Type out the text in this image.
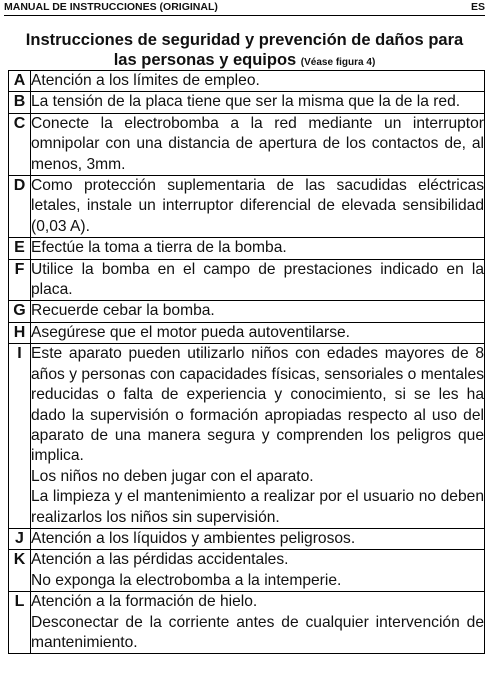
MANUAL DE INSTRUCCIONES (ORIGINAL)	ES
Instrucciones de seguridad y prevención de daños para
las personas y equipos (Véase figura 4)
A	Atención a los límites de empleo.

B	La tensión de la placa tiene que ser la misma que la de la red.

C	Conecte la electrobomba a la red mediante un interruptor omnipolar con una distancia de apertura de los contactos de, al menos, 3mm.

D	Como protección suplementaria de las sacudidas eléctricas letales, instale un interruptor diferencial de elevada sensibilidad (0,03 A).

E	Efectúe la toma a tierra de la bomba.

F	Utilice la bomba en el campo de prestaciones indicado en la placa.

G	Recuerde cebar la bomba.

H	Asegúrese que el motor pueda autoventilarse.

I	Este aparato pueden utilizarlo niños con edades mayores de 8 años y personas con capacidades físicas, sensoriales o mentales reducidas o falta de experiencia y conocimiento, si se les ha dado la supervisión o formación apropiadas respecto al uso del aparato de una manera segura y comprenden los peligros que implica.

Los niños no deben jugar con el aparato.

La limpieza y el mantenimiento a realizar por el usuario no deben realizarlos los niños sin supervisión.

J	Atención a los líquidos y ambientes peligrosos.

K	Atención a las pérdidas accidentales.

No exponga la electrobomba a la intemperie.

L	Atención a la formación de hielo.

Desconectar de la corriente antes de cualquier intervención de mantenimiento.
